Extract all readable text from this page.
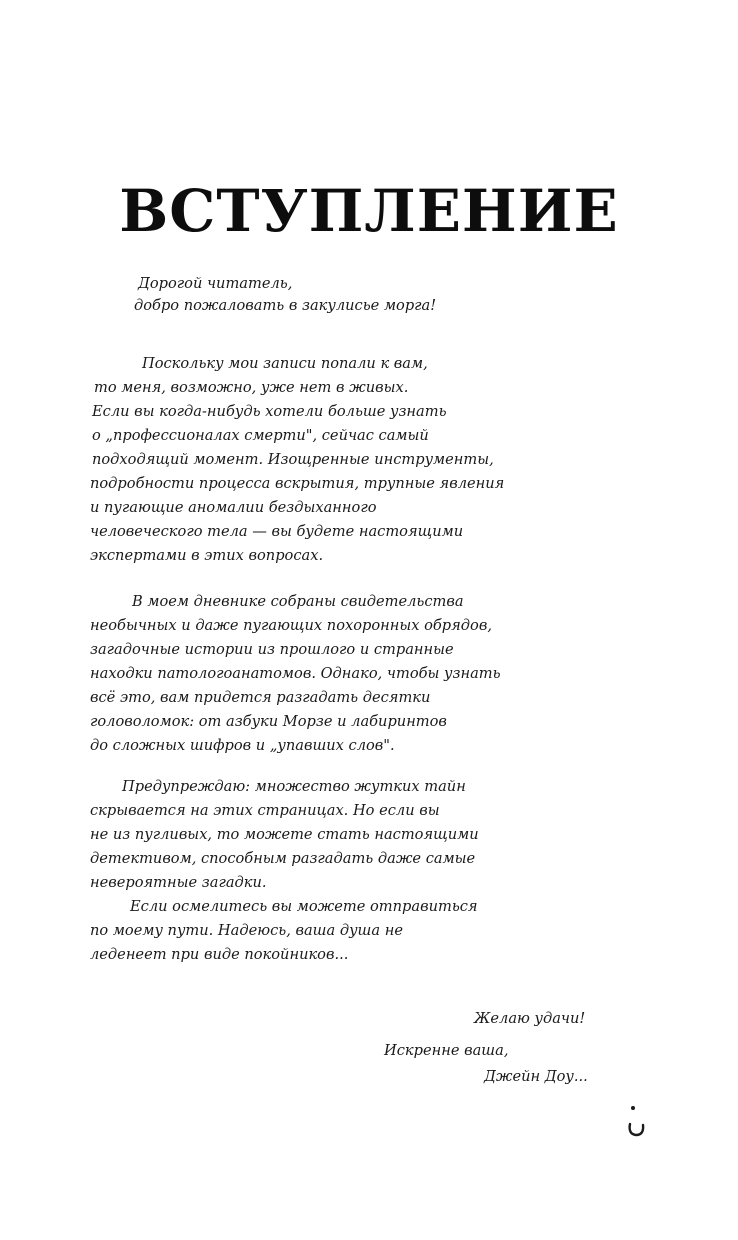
ВСТУПЛЕНИЕ
Дорогой читатель,
добро пожаловать в закулисье морга!
Поскольку мои записи попали к вам,
то меня, возможно, уже нет в живых.
Если вы когда-нибудь хотели больше узнать
о „профессионалах смерти", сейчас самый
подходящий момент. Изощренные инструменты,
подробности процесса вскрытия, трупные явления
и пугающие аномалии бездыханного
человеческого тела — вы будете настоящими
экспертами в этих вопросах.
В моем дневнике собраны свидетельства
необычных и даже пугающих похоронных обрядов,
загадочные истории из прошлого и странные
находки патологоанатомов. Однако, чтобы узнать
всё это, вам придется разгадать десятки
головоломок: от азбуки Морзе и лабиринтов
до сложных шифров и „упавших слов".
Предупреждаю: множество жутких тайн
скрывается на этих страницах. Но если вы
не из пугливых, то можете стать настоящими
детективом, способным разгадать даже самые
невероятные загадки.
Если осмелитесь вы можете отправиться
по моему пути. Надеюсь, ваша душа не
леденеет при виде покойников...
Желаю удачи!
Искренне ваша,
Джейн Доу...
